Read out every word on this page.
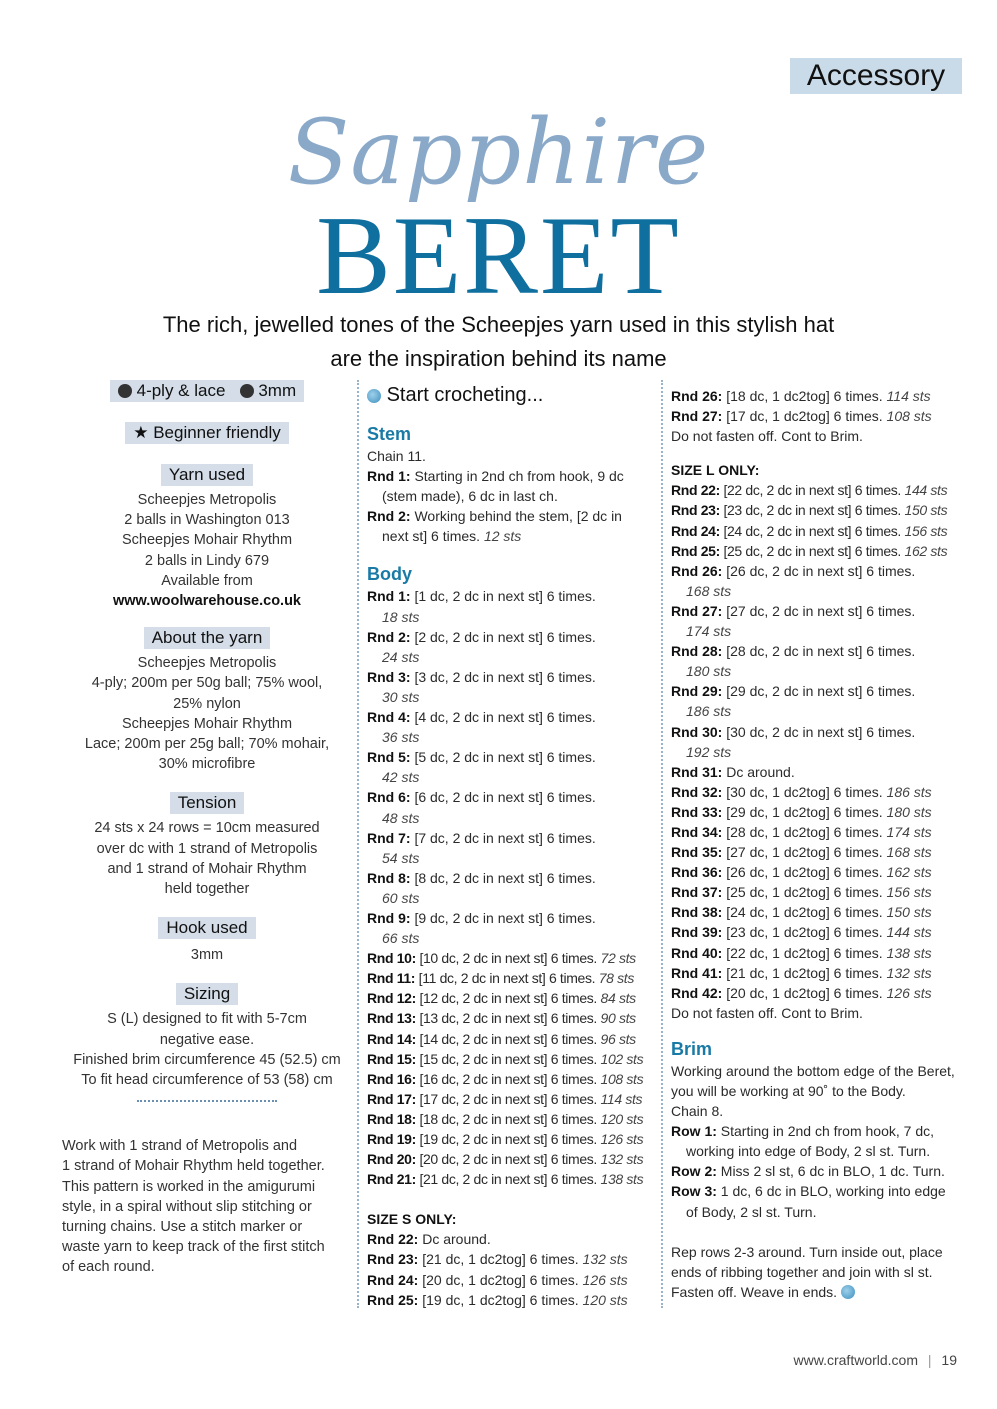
Accessory
Sapphire
BERET
The rich, jewelled tones of the Scheepjes yarn used in this stylish hat
are the inspiration behind its name
4-ply & lace 3mm
★ Beginner friendly
Yarn used
Scheepjes Metropolis
2 balls in Washington 013
Scheepjes Mohair Rhythm
2 balls in Lindy 679
Available from
www.woolwarehouse.co.uk
About the yarn
Scheepjes Metropolis
4-ply; 200m per 50g ball; 75% wool,
25% nylon
Scheepjes Mohair Rhythm
Lace; 200m per 25g ball; 70% mohair,
30% microfibre
Tension
24 sts x 24 rows = 10cm measured
over dc with 1 strand of Metropolis
and 1 strand of Mohair Rhythm
held together
Hook used
3mm
Sizing
S (L) designed to fit with 5-7cm
negative ease.
Finished brim circumference 45 (52.5) cm
To fit head circumference of 53 (58) cm
Work with 1 strand of Metropolis and
1 strand of Mohair Rhythm held together.
This pattern is worked in the amigurumi
style, in a spiral without slip stitching or
turning chains. Use a stitch marker or
waste yarn to keep track of the first stitch
of each round.
Start crocheting...
Stem
Chain 11.
Rnd 1: Starting in 2nd ch from hook, 9 dc
(stem made), 6 dc in last ch.
Rnd 2: Working behind the stem, [2 dc in
next st] 6 times. 12 sts
Body
Rnd 1: [1 dc, 2 dc in next st] 6 times.
18 sts
Rnd 2: [2 dc, 2 dc in next st] 6 times.
24 sts
Rnd 3: [3 dc, 2 dc in next st] 6 times.
30 sts
Rnd 4: [4 dc, 2 dc in next st] 6 times.
36 sts
Rnd 5: [5 dc, 2 dc in next st] 6 times.
42 sts
Rnd 6: [6 dc, 2 dc in next st] 6 times.
48 sts
Rnd 7: [7 dc, 2 dc in next st] 6 times.
54 sts
Rnd 8: [8 dc, 2 dc in next st] 6 times.
60 sts
Rnd 9: [9 dc, 2 dc in next st] 6 times.
66 sts
Rnd 10: [10 dc, 2 dc in next st] 6 times. 72 sts
Rnd 11: [11 dc, 2 dc in next st] 6 times. 78 sts
Rnd 12: [12 dc, 2 dc in next st] 6 times. 84 sts
Rnd 13: [13 dc, 2 dc in next st] 6 times. 90 sts
Rnd 14: [14 dc, 2 dc in next st] 6 times. 96 sts
Rnd 15: [15 dc, 2 dc in next st] 6 times. 102 sts
Rnd 16: [16 dc, 2 dc in next st] 6 times. 108 sts
Rnd 17: [17 dc, 2 dc in next st] 6 times. 114 sts
Rnd 18: [18 dc, 2 dc in next st] 6 times. 120 sts
Rnd 19: [19 dc, 2 dc in next st] 6 times. 126 sts
Rnd 20: [20 dc, 2 dc in next st] 6 times. 132 sts
Rnd 21: [21 dc, 2 dc in next st] 6 times. 138 sts
SIZE S ONLY:
Rnd 22: Dc around.
Rnd 23: [21 dc, 1 dc2tog] 6 times. 132 sts
Rnd 24: [20 dc, 1 dc2tog] 6 times. 126 sts
Rnd 25: [19 dc, 1 dc2tog] 6 times. 120 sts
Rnd 26: [18 dc, 1 dc2tog] 6 times. 114 sts
Rnd 27: [17 dc, 1 dc2tog] 6 times. 108 sts
Do not fasten off. Cont to Brim.
SIZE L ONLY:
Rnd 22: [22 dc, 2 dc in next st] 6 times. 144 sts
Rnd 23: [23 dc, 2 dc in next st] 6 times. 150 sts
Rnd 24: [24 dc, 2 dc in next st] 6 times. 156 sts
Rnd 25: [25 dc, 2 dc in next st] 6 times. 162 sts
Rnd 26: [26 dc, 2 dc in next st] 6 times.
168 sts
Rnd 27: [27 dc, 2 dc in next st] 6 times.
174 sts
Rnd 28: [28 dc, 2 dc in next st] 6 times.
180 sts
Rnd 29: [29 dc, 2 dc in next st] 6 times.
186 sts
Rnd 30: [30 dc, 2 dc in next st] 6 times.
192 sts
Rnd 31: Dc around.
Rnd 32: [30 dc, 1 dc2tog] 6 times. 186 sts
Rnd 33: [29 dc, 1 dc2tog] 6 times. 180 sts
Rnd 34: [28 dc, 1 dc2tog] 6 times. 174 sts
Rnd 35: [27 dc, 1 dc2tog] 6 times. 168 sts
Rnd 36: [26 dc, 1 dc2tog] 6 times. 162 sts
Rnd 37: [25 dc, 1 dc2tog] 6 times. 156 sts
Rnd 38: [24 dc, 1 dc2tog] 6 times. 150 sts
Rnd 39: [23 dc, 1 dc2tog] 6 times. 144 sts
Rnd 40: [22 dc, 1 dc2tog] 6 times. 138 sts
Rnd 41: [21 dc, 1 dc2tog] 6 times. 132 sts
Rnd 42: [20 dc, 1 dc2tog] 6 times. 126 sts
Do not fasten off. Cont to Brim.
Brim
Working around the bottom edge of the Beret,
you will be working at 90˚ to the Body.
Chain 8.
Row 1: Starting in 2nd ch from hook, 7 dc,
working into edge of Body, 2 sl st. Turn.
Row 2: Miss 2 sl st, 6 dc in BLO, 1 dc. Turn.
Row 3: 1 dc, 6 dc in BLO, working into edge
of Body, 2 sl st. Turn.
Rep rows 2-3 around. Turn inside out, place
ends of ribbing together and join with sl st.
Fasten off. Weave in ends.
www.craftworld.com | 19
